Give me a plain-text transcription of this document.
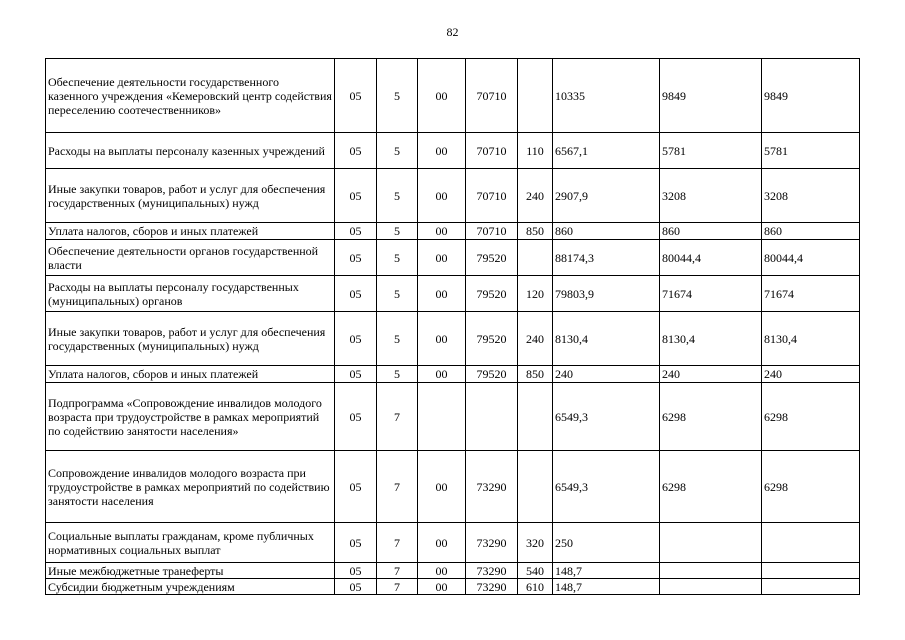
82
Обеспечение деятельности государственного казенного учреждения «Кемеровский центр содействия переселению соотечественников»	05	5	00	70710		10335	9849	9849
Расходы на выплаты персоналу казенных учреждений	05	5	00	70710	110	6567,1	5781	5781
Иные закупки товаров, работ и услуг для обеспечения государственных (муниципальных) нужд	05	5	00	70710	240	2907,9	3208	3208
Уплата налогов, сборов и иных платежей	05	5	00	70710	850	860	860	860
Обеспечение деятельности органов государственной власти	05	5	00	79520		88174,3	80044,4	80044,4
Расходы на выплаты персоналу государственных (муниципальных) органов	05	5	00	79520	120	79803,9	71674	71674
Иные закупки товаров, работ и услуг для обеспечения государственных (муниципальных) нужд	05	5	00	79520	240	8130,4	8130,4	8130,4
Уплата налогов, сборов и иных платежей	05	5	00	79520	850	240	240	240
Подпрограмма «Сопровождение инвалидов молодого возраста при трудоустройстве в рамках мероприятий по содействию занятости населения»	05	7				6549,3	6298	6298
Сопровождение инвалидов молодого возраста при трудоустройстве в рамках мероприятий по содействию занятости населения	05	7	00	73290		6549,3	6298	6298
Социальные выплаты гражданам, кроме публичных нормативных социальных выплат	05	7	00	73290	320	250		
Иные межбюджетные транеферты	05	7	00	73290	540	148,7		
Субсидии бюджетным учреждениям	05	7	00	73290	610	148,7		
